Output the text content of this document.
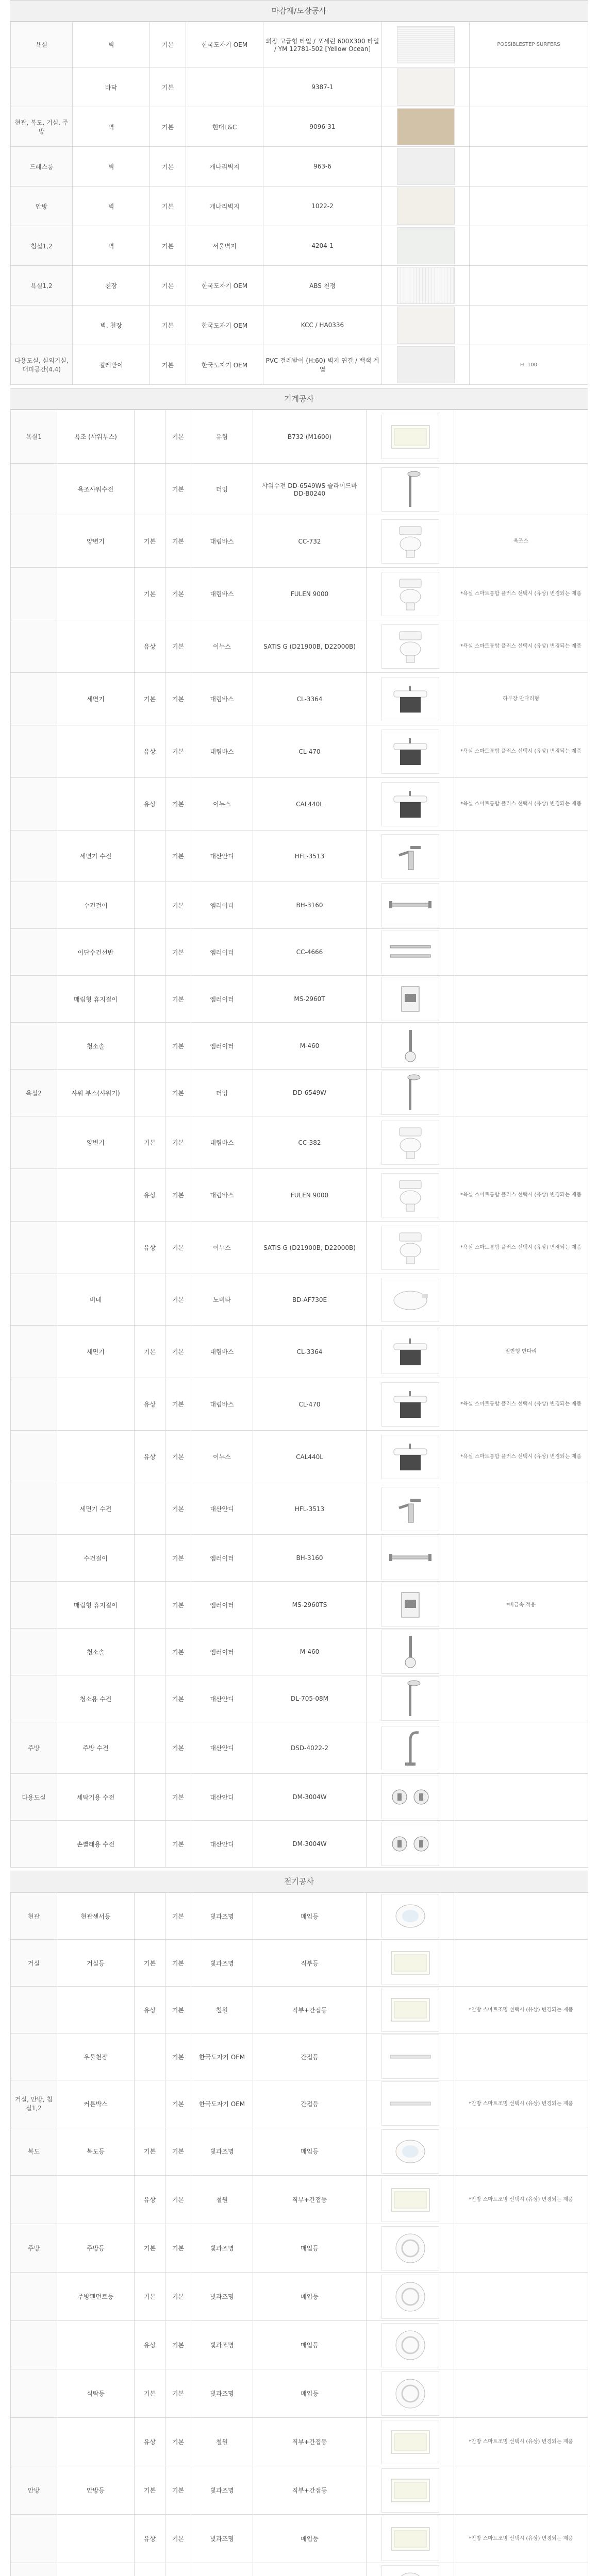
마감재/도장공사
욕실	벽	기본	한국도자기 OEM	외장 고급형 타일 / 포세린 600X300 타일 / YM 12781-502 [Yellow Ocean]		POSSIBLESTEP SURFERS
	바닥	기본		9387-1	

현관, 복도, 거실, 주방	벽	기본	현대L&C	9096-31	

드레스룸	벽	기본	개나리벽지	963-6	

안방	벽	기본	개나리벽지	1022-2	

침실1,2	벽	기본	서울벽지	4204-1	

욕실1,2	천장	기본	한국도자기 OEM	ABS 천정	

	벽, 천장	기본	한국도자기 OEM	KCC / HA0336	

다용도실, 실외기실, 대피공간(4.4)	걸레받이	기본	한국도자기 OEM	PVC 걸레받이 (H:60) 벽지 연결 / 백색 계열		H: 100
기계공사
욕실1	욕조 (샤워부스)		기본	유림	B732 (M1600)	

	욕조샤워수전		기본	더잉	샤워수전 DD-6549WS 슬라이드바 DD-B0240	

	양변기	기본	기본	대림바스	CC-732		욕조스
		기본	기본	대림바스	FULEN 9000		*욕실 스마트통합 플러스 선택시 (유상) 변경되는 제품
		유상	기본	이누스	SATIS G (D21900B, D22000B)		*욕실 스마트통합 플러스 선택시 (유상) 변경되는 제품
	세면기	기본	기본	대림바스	CL-3364		하부장 반다리형
		유상	기본	대림바스	CL-470		*욕실 스마트통합 플러스 선택시 (유상) 변경되는 제품
		유상	기본	이누스	CAL440L		*욕실 스마트통합 플러스 선택시 (유상) 변경되는 제품
	세면기 수전		기본	대산안디	HFL-3513	

	수건걸이		기본	엠러이터	BH-3160	

	이단수건선반		기본	엠러이터	CC-4666	

	매립형 휴지걸이		기본	엠러이터	MS-2960T	

	청소솔		기본	엠러이터	M-460	

욕실2	샤워 부스(샤워기)		기본	더잉	DD-6549W	

	양변기	기본	기본	대림바스	CC-382	

		유상	기본	대림바스	FULEN 9000		*욕실 스마트통합 플러스 선택시 (유상) 변경되는 제품
		유상	기본	이누스	SATIS G (D21900B, D22000B)		*욕실 스마트통합 플러스 선택시 (유상) 변경되는 제품
	비데		기본	노비타	BD-AF730E	

	세면기	기본	기본	대림바스	CL-3364		일반형 반다리
		유상	기본	대림바스	CL-470		*욕실 스마트통합 플러스 선택시 (유상) 변경되는 제품
		유상	기본	이누스	CAL440L		*욕실 스마트통합 플러스 선택시 (유상) 변경되는 제품
	세면기 수전		기본	대산안디	HFL-3513	

	수건걸이		기본	엠러이터	BH-3160	

	매립형 휴지걸이		기본	엠러이터	MS-2960TS		*비금속 적용
	청소솔		기본	엠러이터	M-460	

	청소용 수전		기본	대산안디	DL-705-08M	

주방	주방 수전		기본	대산안디	DSD-4022-2	

다용도실	세탁기용 수전		기본	대산안디	DM-3004W	

	손빨래용 수전		기본	대산안디	DM-3004W	

전기공사
현관	현관센서등		기본	빛과조명	매입등	

거실	거실등	기본	기본	빛과조명	직부등	

		유상	기본	철원	직부+간접등		*안방 스마트조명 선택시 (유상) 변경되는 제품
	우물천장		기본	한국도자기 OEM	간접등	

거실, 안방, 침실1,2	커튼박스		기본	한국도자기 OEM	간접등		*안방 스마트조명 선택시 (유상) 변경되는 제품
복도	복도등	기본	기본	빛과조명	매입등	

		유상	기본	철원	직부+간접등		*안방 스마트조명 선택시 (유상) 변경되는 제품
주방	주방등	기본	기본	빛과조명	매입등	

	주방펜던트등	기본	기본	빛과조명	매입등	

		유상	기본	빛과조명	매입등	

	식탁등	기본	기본	빛과조명	매입등	

		유상	기본	철원	직부+간접등		*안방 스마트조명 선택시 (유상) 변경되는 제품
안방	안방등	기본	기본	빛과조명	직부+간접등	

		유상	기본	빛과조명	매입등		*안방 스마트조명 선택시 (유상) 변경되는 제품
